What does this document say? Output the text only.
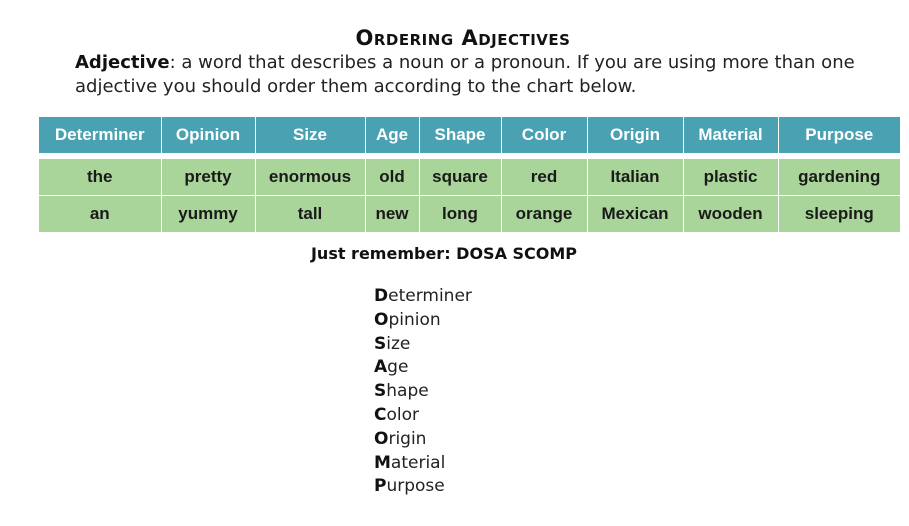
Ordering Adjectives
Adjective: a word that describes a noun or a pronoun. If you are using more than one adjective you should order them according to the chart below.
Determiner	Opinion	Size	Age	Shape	Color	Origin	Material	Purpose
the	pretty	enormous	old	square	red	Italian	plastic	gardening
an	yummy	tall	new	long	orange	Mexican	wooden	sleeping
Just remember: DOSA SCOMP
Determiner
Opinion
Size
Age
Shape
Color
Origin
Material
Purpose
